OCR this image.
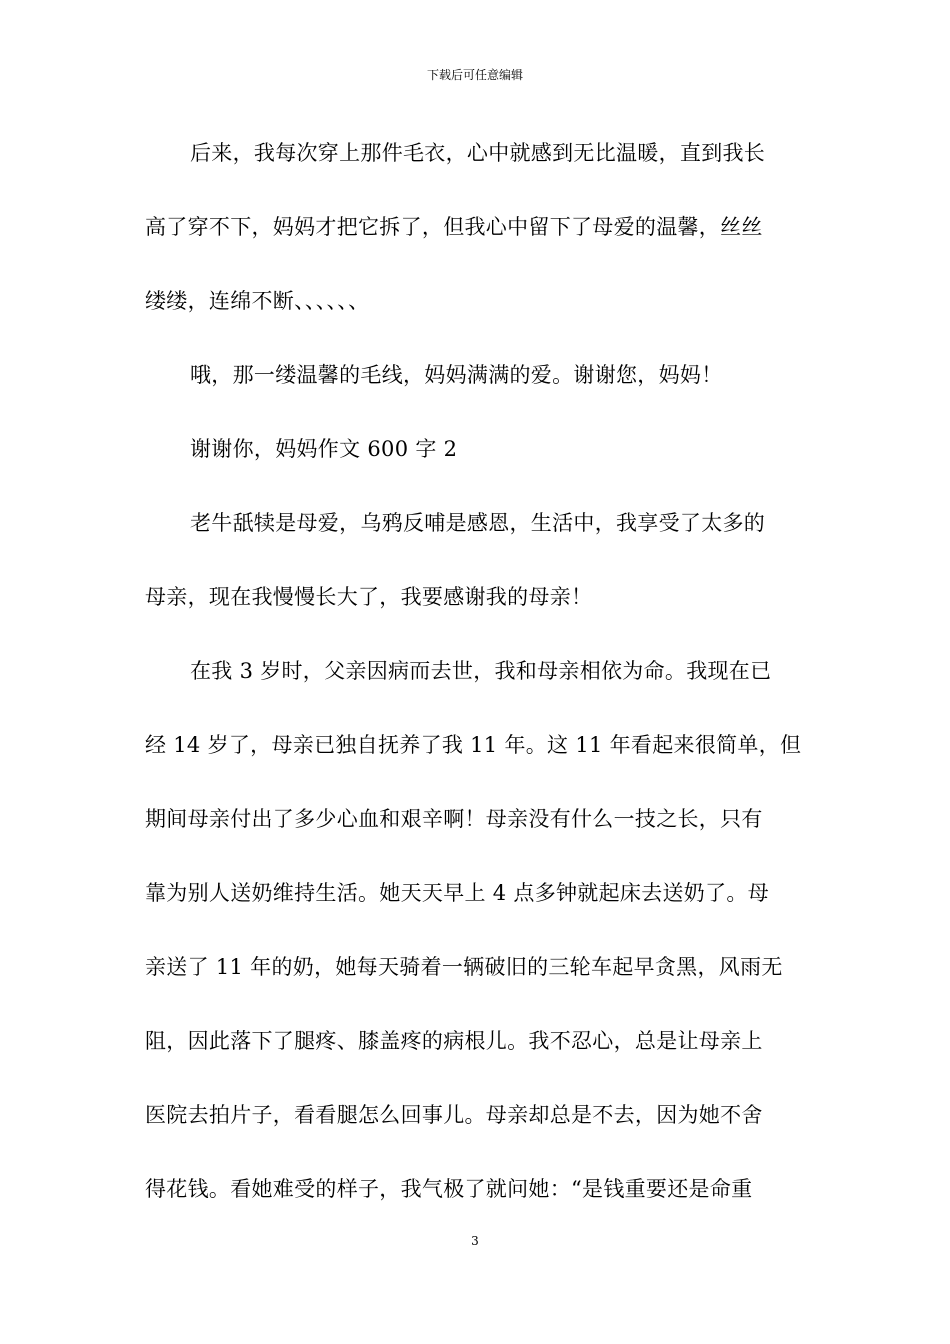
下载后可任意编辑
后来，我每次穿上那件毛衣，心中就感到无比温暖，直到我长
高了穿不下，妈妈才把它拆了，但我心中留下了母爱的温馨，丝丝
缕缕，连绵不断、、、、、、
哦，那一缕温馨的毛线，妈妈满满的爱。谢谢您，妈妈！
谢谢你，妈妈作文 600 字 2
老牛舐犊是母爱，乌鸦反哺是感恩，生活中，我享受了太多的
母亲，现在我慢慢长大了，我要感谢我的母亲！
在我 3 岁时，父亲因病而去世，我和母亲相依为命。我现在已
经 14 岁了，母亲已独自抚养了我 11 年。这 11 年看起来很简单，但
期间母亲付出了多少心血和艰辛啊！母亲没有什么一技之长，只有
靠为别人送奶维持生活。她天天早上 4 点多钟就起床去送奶了。母
亲送了 11 年的奶，她每天骑着一辆破旧的三轮车起早贪黑，风雨无
阻，因此落下了腿疼、膝盖疼的病根儿。我不忍心，总是让母亲上
医院去拍片子，看看腿怎么回事儿。母亲却总是不去，因为她不舍
得花钱。看她难受的样子，我气极了就问她：“是钱重要还是命重
3
